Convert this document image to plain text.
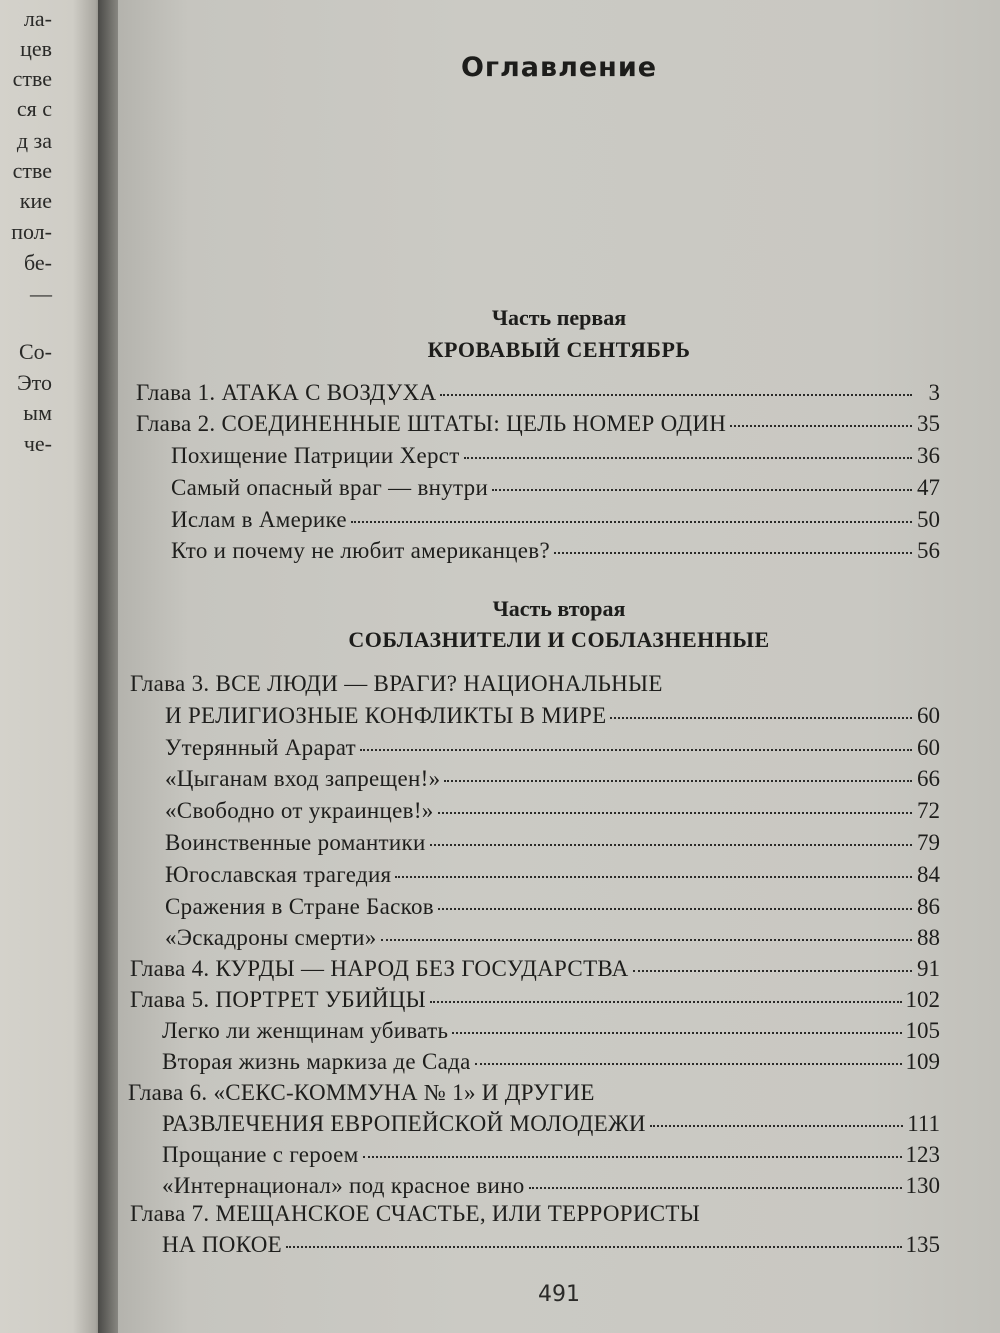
ла-
цев
стве
ся с
д за
стве
кие
пол-
бе-
—
Со-
Это
ым
че-
Оглавление
Часть первая
КРОВАВЫЙ СЕНТЯБРЬ
Глава 1. АТАКА С ВОЗДУХА	3
Глава 2. СОЕДИНЕННЫЕ ШТАТЫ: ЦЕЛЬ НОМЕР ОДИН	35
Похищение Патриции Херст	36
Самый опасный враг — внутри	47
Ислам в Америке	50
Кто и почему не любит американцев?	56
Часть вторая
СОБЛАЗНИТЕЛИ И СОБЛАЗНЕННЫЕ
Глава 3. ВСЕ ЛЮДИ — ВРАГИ? НАЦИОНАЛЬНЫЕ
И РЕЛИГИОЗНЫЕ КОНФЛИКТЫ В МИРЕ	60
Утерянный Арарат	60
«Цыганам вход запрещен!»	66
«Свободно от украинцев!»	72
Воинственные романтики	79
Югославская трагедия	84
Сражения в Стране Басков	86
«Эскадроны смерти»	88
Глава 4. КУРДЫ — НАРОД БЕЗ ГОСУДАРСТВА	91
Глава 5. ПОРТРЕТ УБИЙЦЫ	102
Легко ли женщинам убивать	105
Вторая жизнь маркиза де Сада	109
Глава 6. «СЕКС-КОММУНА № 1» И ДРУГИЕ
РАЗВЛЕЧЕНИЯ ЕВРОПЕЙСКОЙ МОЛОДЕЖИ	111
Прощание с героем	123
«Интернационал» под красное вино	130
Глава 7. МЕЩАНСКОЕ СЧАСТЬЕ, ИЛИ ТЕРРОРИСТЫ
НА ПОКОЕ	135
491
